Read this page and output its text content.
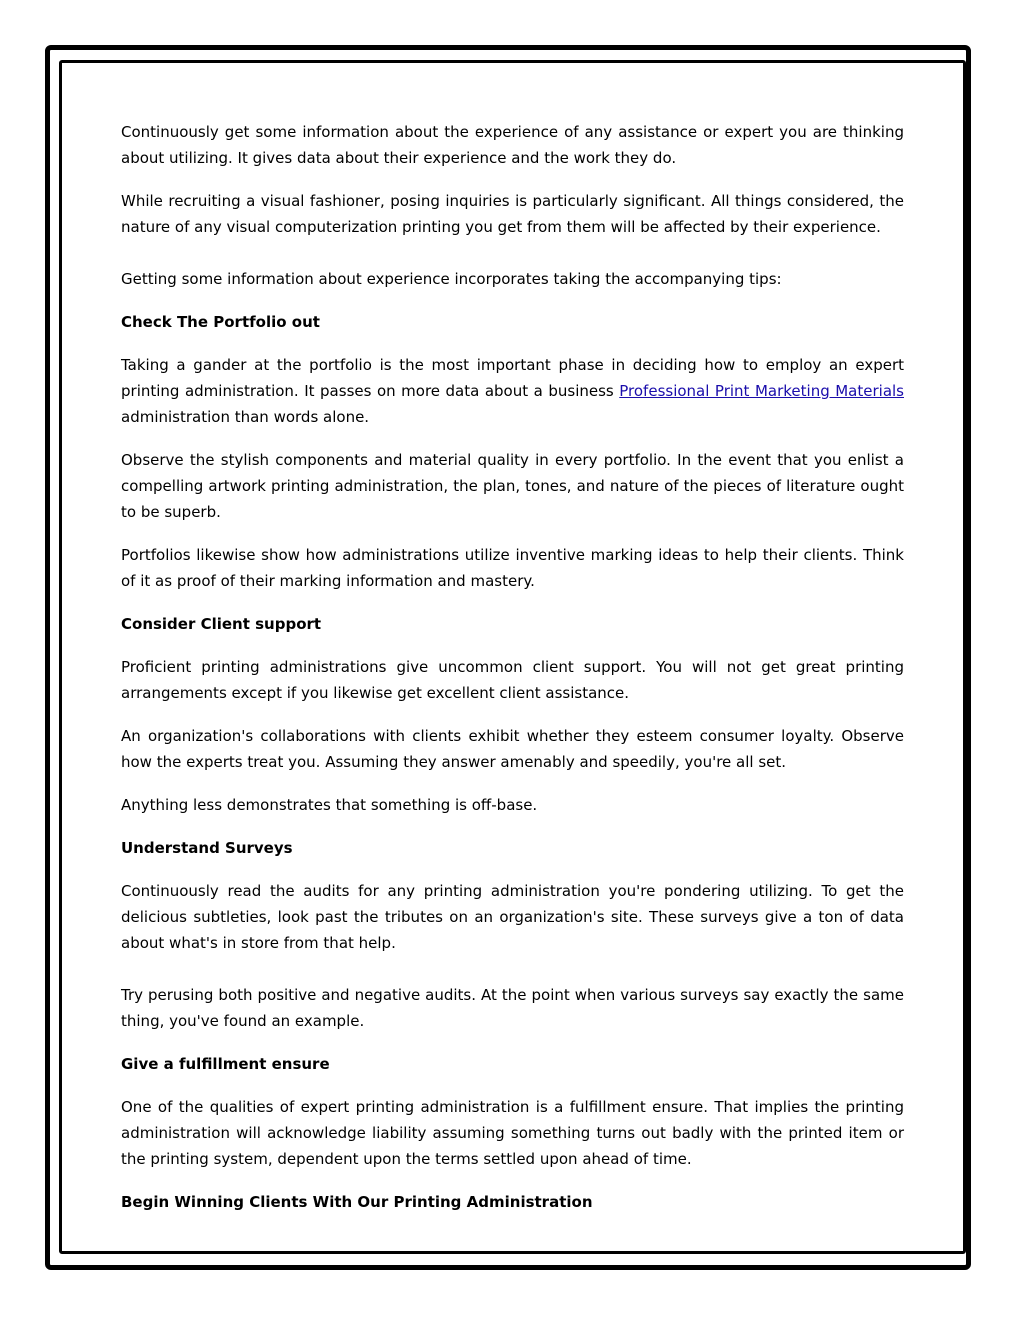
Continuously get some information about the experience of any assistance or expert you are thinking about utilizing. It gives data about their experience and the work they do.

While recruiting a visual fashioner, posing inquiries is particularly significant. All things considered, the nature of any visual computerization printing you get from them will be affected by their experience.

Getting some information about experience incorporates taking the accompanying tips:

Check The Portfolio out

Taking a gander at the portfolio is the most important phase in deciding how to employ an expert printing administration. It passes on more data about a business Professional Print Marketing Materials administration than words alone.

Observe the stylish components and material quality in every portfolio. In the event that you enlist a compelling artwork printing administration, the plan, tones, and nature of the pieces of literature ought to be superb.

Portfolios likewise show how administrations utilize inventive marking ideas to help their clients. Think of it as proof of their marking information and mastery.

Consider Client support

Proficient printing administrations give uncommon client support. You will not get great printing arrangements except if you likewise get excellent client assistance.

An organization's collaborations with clients exhibit whether they esteem consumer loyalty. Observe how the experts treat you. Assuming they answer amenably and speedily, you're all set.

Anything less demonstrates that something is off-base.

Understand Surveys

Continuously read the audits for any printing administration you're pondering utilizing. To get the delicious subtleties, look past the tributes on an organization's site. These surveys give a ton of data about what's in store from that help.

Try perusing both positive and negative audits. At the point when various surveys say exactly the same thing, you've found an example.

Give a fulfillment ensure

One of the qualities of expert printing administration is a fulfillment ensure. That implies the printing administration will acknowledge liability assuming something turns out badly with the printed item or the printing system, dependent upon the terms settled upon ahead of time.

Begin Winning Clients With Our Printing Administration
